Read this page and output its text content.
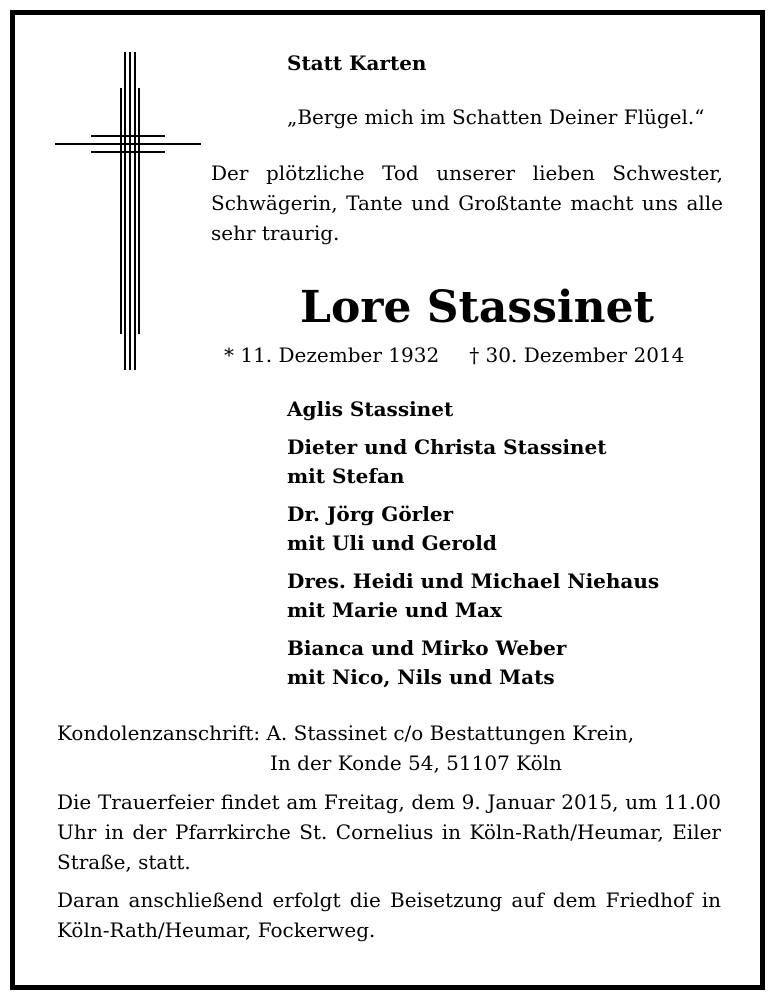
Statt Karten
„Berge mich im Schatten Deiner Flügel.“
Der plötzliche Tod unserer lieben Schwester, Schwägerin, Tante und Großtante macht uns alle sehr traurig.
Lore Stassinet
* 11. Dezember 1932 † 30. Dezember 2014
Aglis Stassinet
Dieter und Christa Stassinet
mit Stefan
Dr. Jörg Görler
mit Uli und Gerold
Dres. Heidi und Michael Niehaus
mit Marie und Max
Bianca und Mirko Weber
mit Nico, Nils und Mats
Kondolenzanschrift: A. Stassinet c/o Bestattungen Krein,
In der Konde 54, 51107 Köln
Die Trauerfeier findet am Freitag, dem 9. Januar 2015, um 11.00 Uhr in der Pfarrkirche St. Cornelius in Köln-Rath/Heumar, Eiler Straße, statt.
Daran anschließend erfolgt die Beisetzung auf dem Friedhof in Köln-Rath/Heumar, Fockerweg.
